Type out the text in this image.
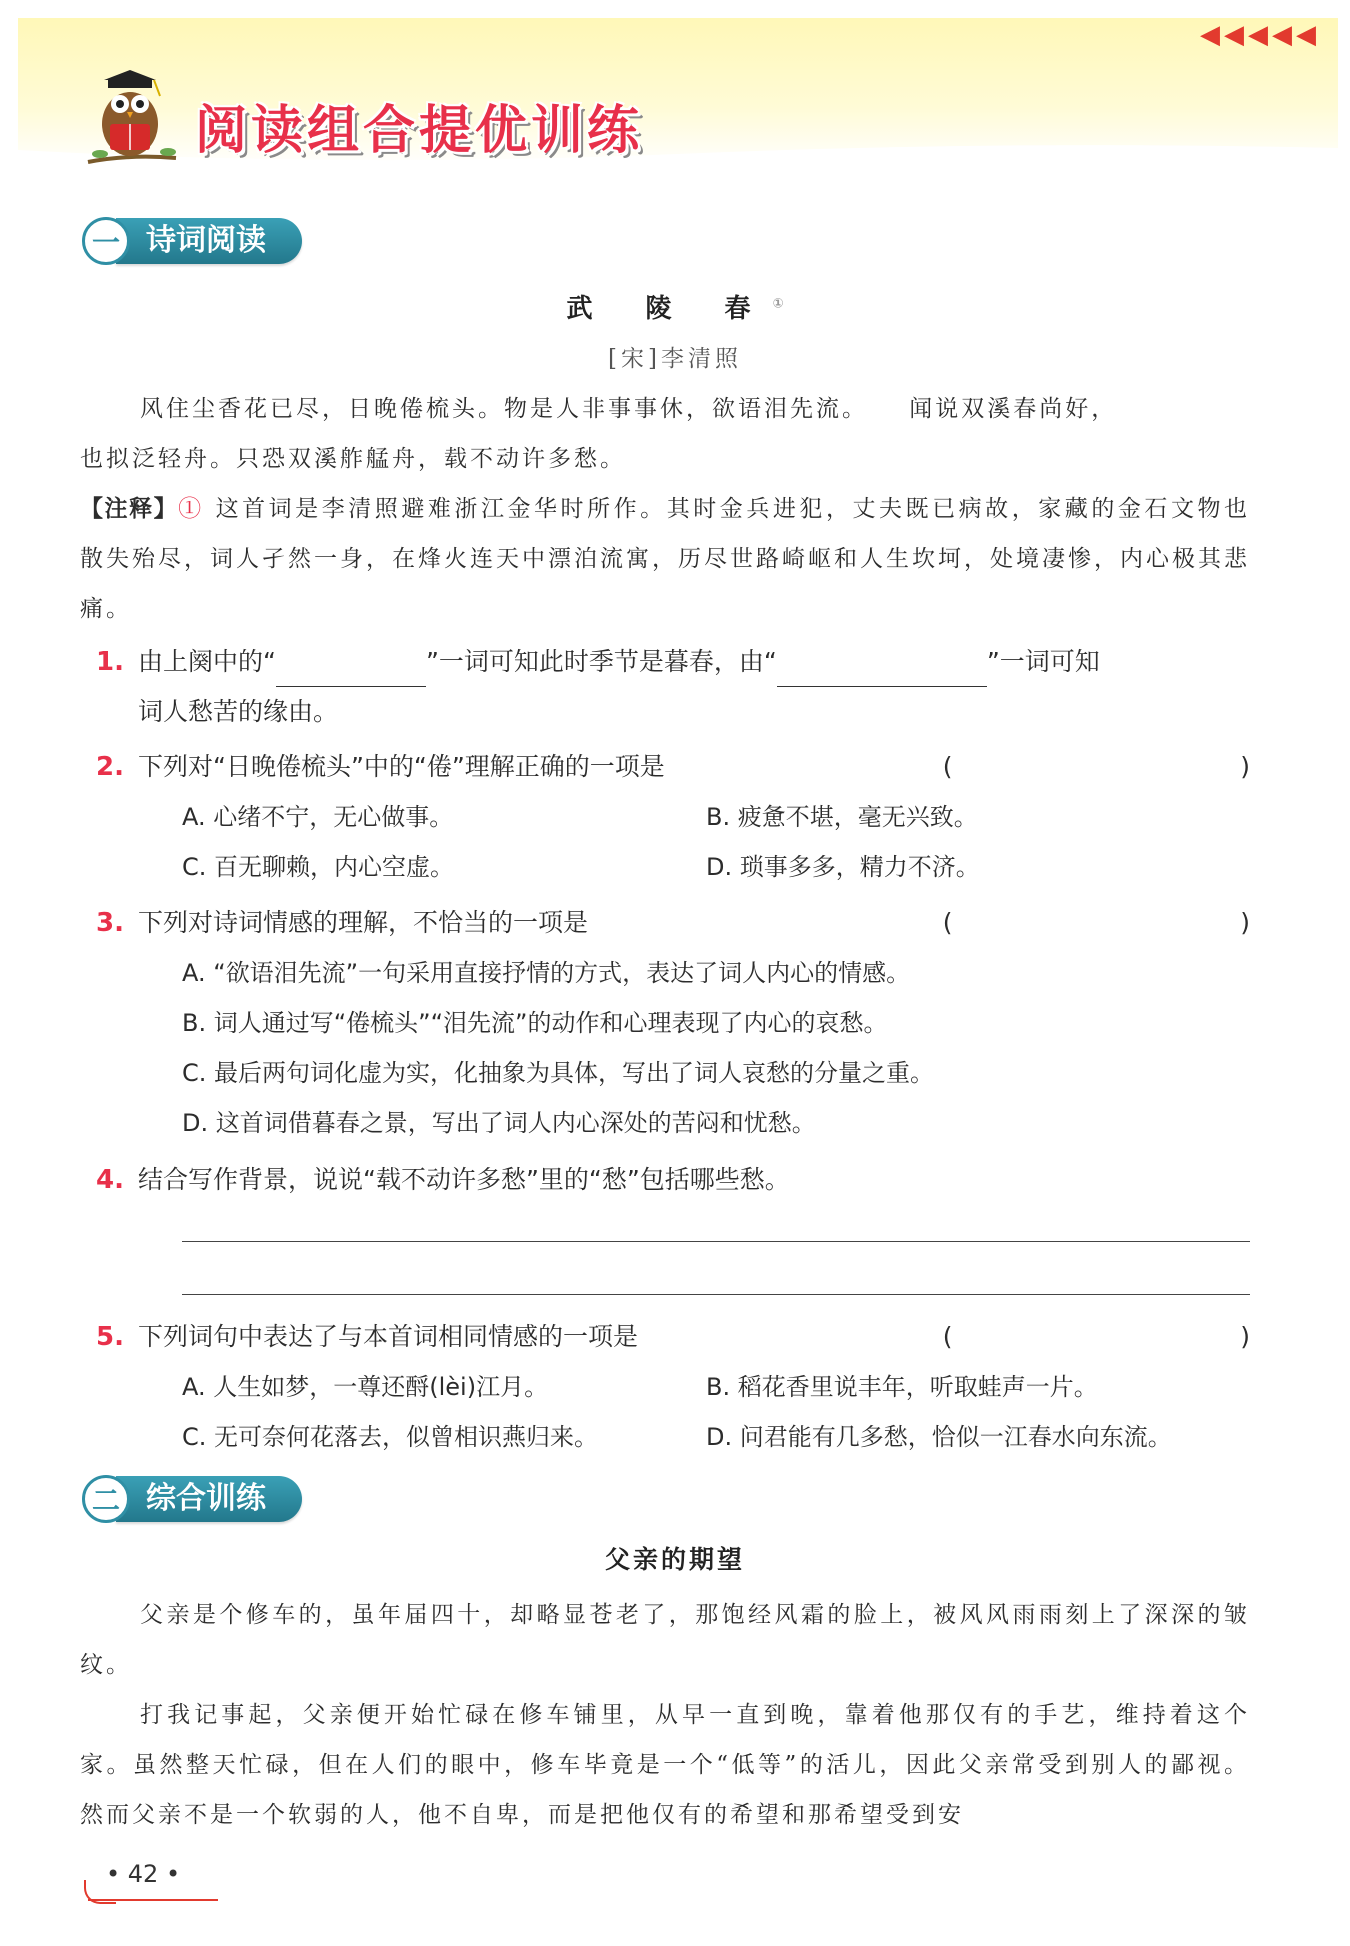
◀◀◀◀◀
阅读组合提优训练
一 诗词阅读
武 陵 春①
[宋]李清照
风住尘香花已尽，日晚倦梳头。物是人非事事休，欲语泪先流。    闻说双溪春尚好，
也拟泛轻舟。只恐双溪舴艋舟，载不动许多愁。
【注释】① 这首词是李清照避难浙江金华时所作。其时金兵进犯，丈夫既已病故，家藏的金石文物也散失殆尽，词人孑然一身，在烽火连天中漂泊流寓，历尽世路崎岖和人生坎坷，处境凄惨，内心极其悲痛。
1. 由上阕中的“	”一词可知此时季节是暮春，由“	”一词可知
词人愁苦的缘由。
2. 下列对“日晚倦梳头”中的“倦”理解正确的一项是	(	)
A. 心绪不宁，无心做事。	B. 疲惫不堪，毫无兴致。
C. 百无聊赖，内心空虚。	D. 琐事多多，精力不济。
3. 下列对诗词情感的理解，不恰当的一项是	(	)
A. “欲语泪先流”一句采用直接抒情的方式，表达了词人内心的情感。
B. 词人通过写“倦梳头”“泪先流”的动作和心理表现了内心的哀愁。
C. 最后两句词化虚为实，化抽象为具体，写出了词人哀愁的分量之重。
D. 这首词借暮春之景，写出了词人内心深处的苦闷和忧愁。
4. 结合写作背景，说说“载不动许多愁”里的“愁”包括哪些愁。
5. 下列词句中表达了与本首词相同情感的一项是	(	)
A. 人生如梦，一尊还酹(lèi)江月。	B. 稻花香里说丰年，听取蛙声一片。
C. 无可奈何花落去，似曾相识燕归来。	D. 问君能有几多愁，恰似一江春水向东流。
二 综合训练
父亲的期望
父亲是个修车的，虽年届四十，却略显苍老了，那饱经风霜的脸上，被风风雨雨刻上了深深的皱纹。
打我记事起，父亲便开始忙碌在修车铺里，从早一直到晚，靠着他那仅有的手艺，维持着这个家。虽然整天忙碌，但在人们的眼中，修车毕竟是一个“低等”的活儿，因此父亲常受到别人的鄙视。然而父亲不是一个软弱的人，他不自卑，而是把他仅有的希望和那希望受到安
• 42 •
